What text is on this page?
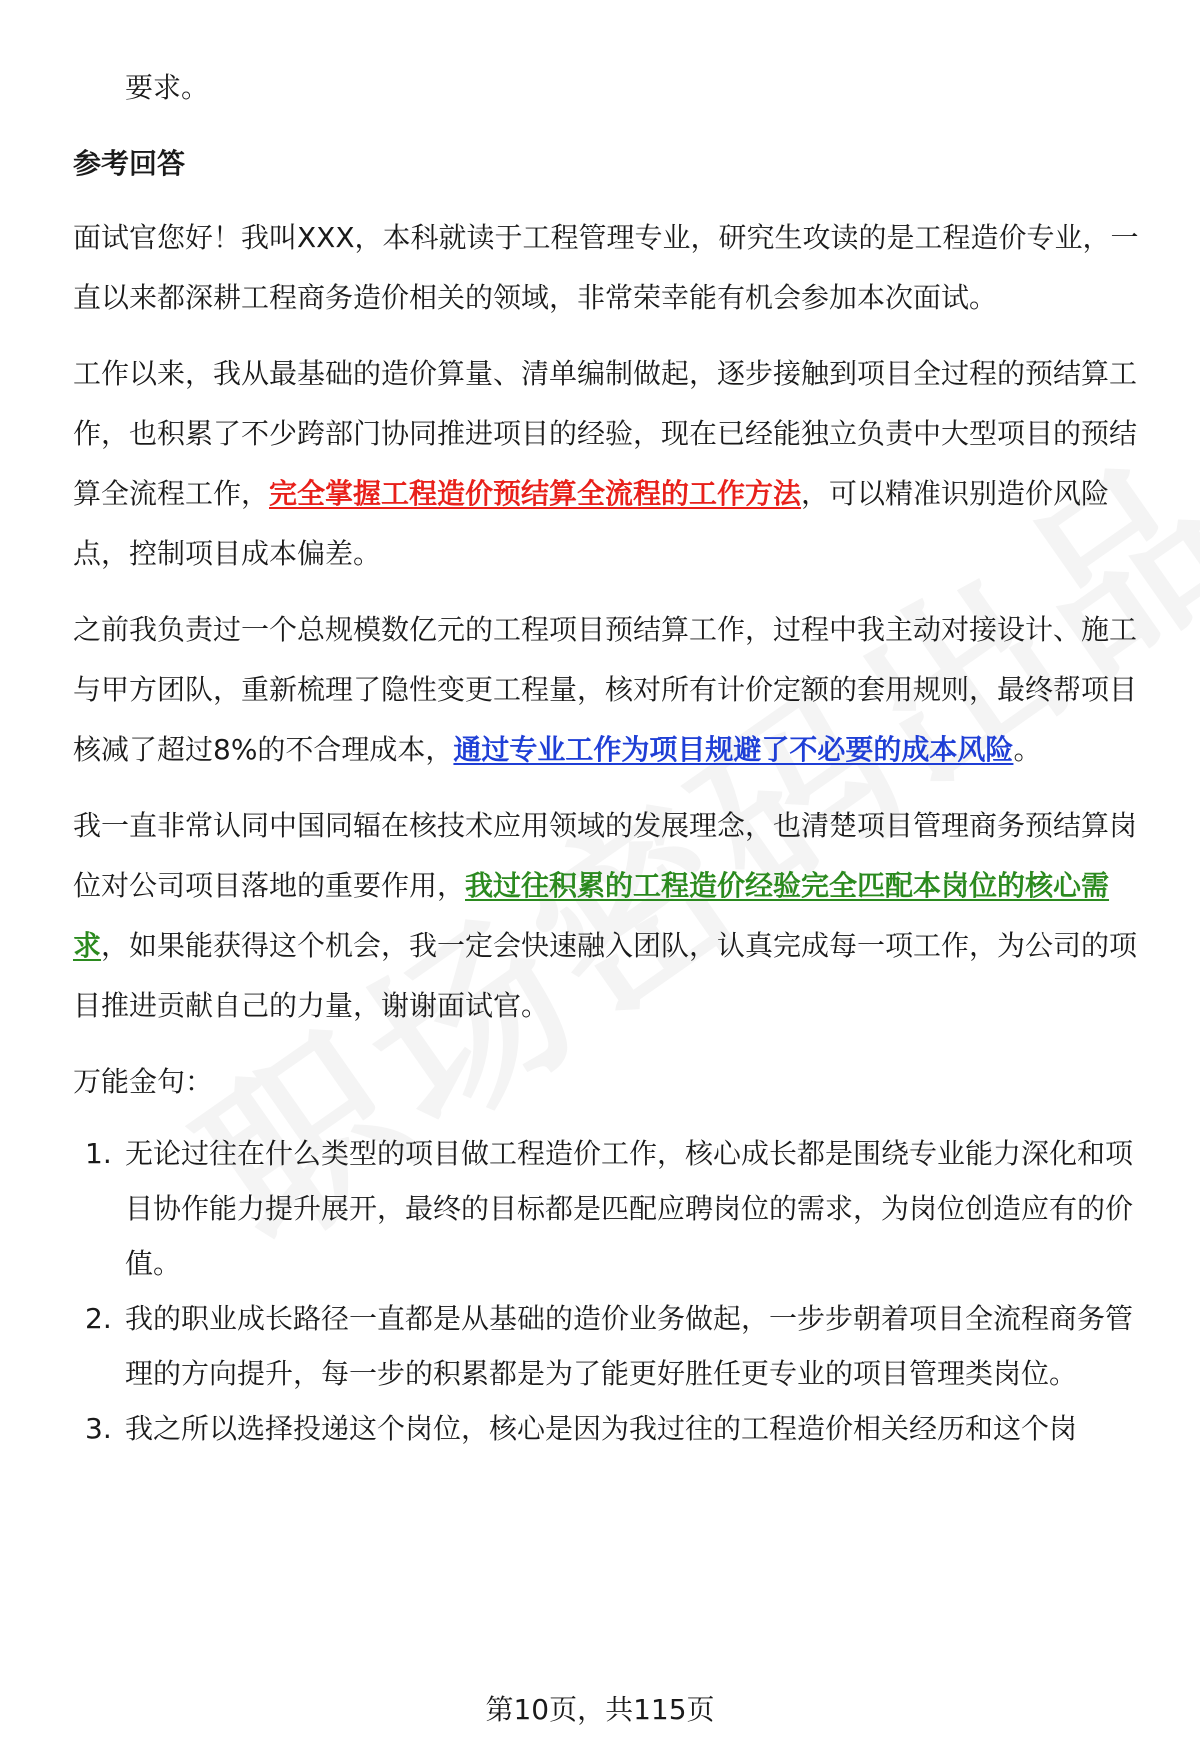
要求。

参考回答

面试官您好！我叫XXX，本科就读于工程管理专业，研究生攻读的是工程造价专业，一直以来都深耕工程商务造价相关的领域，非常荣幸能有机会参加本次面试。

工作以来，我从最基础的造价算量、清单编制做起，逐步接触到项目全过程的预结算工作，也积累了不少跨部门协同推进项目的经验，现在已经能独立负责中大型项目的预结算全流程工作，完全掌握工程造价预结算全流程的工作方法，可以精准识别造价风险点，控制项目成本偏差。

之前我负责过一个总规模数亿元的工程项目预结算工作，过程中我主动对接设计、施工与甲方团队，重新梳理了隐性变更工程量，核对所有计价定额的套用规则，最终帮项目核减了超过8%的不合理成本，通过专业工作为项目规避了不必要的成本风险。

我一直非常认同中国同辐在核技术应用领域的发展理念，也清楚项目管理商务预结算岗位对公司项目落地的重要作用，我过往积累的工程造价经验完全匹配本岗位的核心需求，如果能获得这个机会，我一定会快速融入团队，认真完成每一项工作，为公司的项目推进贡献自己的力量，谢谢面试官。

万能金句：

1. 无论过往在什么类型的项目做工程造价工作，核心成长都是围绕专业能力深化和项目协作能力提升展开，最终的目标都是匹配应聘岗位的需求，为岗位创造应有的价值。
2. 我的职业成长路径一直都是从基础的造价业务做起，一步步朝着项目全流程商务管理的方向提升，每一步的积累都是为了能更好胜任更专业的项目管理类岗位。
3. 我之所以选择投递这个岗位，核心是因为我过往的工程造价相关经历和这个岗
第10页，共115页
